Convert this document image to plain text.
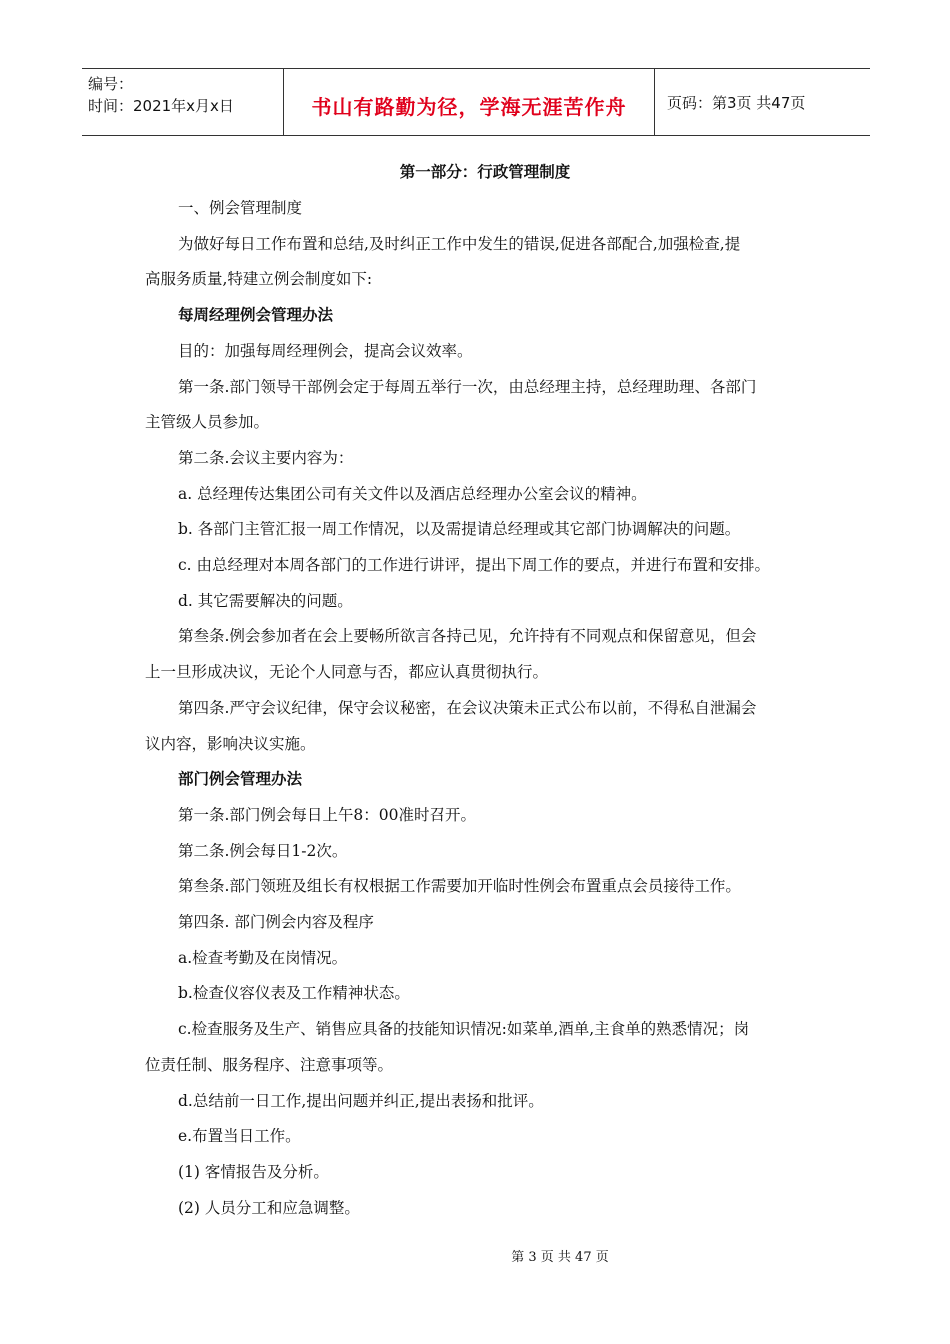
编号：
时间：2021年x月x日	书山有路勤为径，学海无涯苦作舟	页码：第3页 共47页
第一部分：行政管理制度

一、例会管理制度

为做好每日工作布置和总结,及时纠正工作中发生的错误,促进各部配合,加强检查,提

高服务质量,特建立例会制度如下:

每周经理例会管理办法

目的：加强每周经理例会，提高会议效率。

第一条.部门领导干部例会定于每周五举行一次，由总经理主持，总经理助理、各部门

主管级人员参加。

第二条.会议主要内容为：

a. 总经理传达集团公司有关文件以及酒店总经理办公室会议的精神。

b. 各部门主管汇报一周工作情况，以及需提请总经理或其它部门协调解决的问题。

c. 由总经理对本周各部门的工作进行讲评，提出下周工作的要点，并进行布置和安排。

d. 其它需要解决的问题。

第叁条.例会参加者在会上要畅所欲言各持己见，允许持有不同观点和保留意见，但会

上一旦形成决议，无论个人同意与否，都应认真贯彻执行。

第四条.严守会议纪律，保守会议秘密，在会议决策未正式公布以前，不得私自泄漏会

议内容，影响决议实施。

部门例会管理办法

第一条.部门例会每日上午8：00准时召开。

第二条.例会每日1-2次。

第叁条.部门领班及组长有权根据工作需要加开临时性例会布置重点会员接待工作。

第四条. 部门例会内容及程序

a.检查考勤及在岗情况。

b.检查仪容仪表及工作精神状态。

c.检查服务及生产、销售应具备的技能知识情况:如菜单,酒单,主食单的熟悉情况；岗

位责任制、服务程序、注意事项等。

d.总结前一日工作,提出问题并纠正,提出表扬和批评。

e.布置当日工作。

(1) 客情报告及分析。

(2) 人员分工和应急调整。

第 3 页 共 47 页
